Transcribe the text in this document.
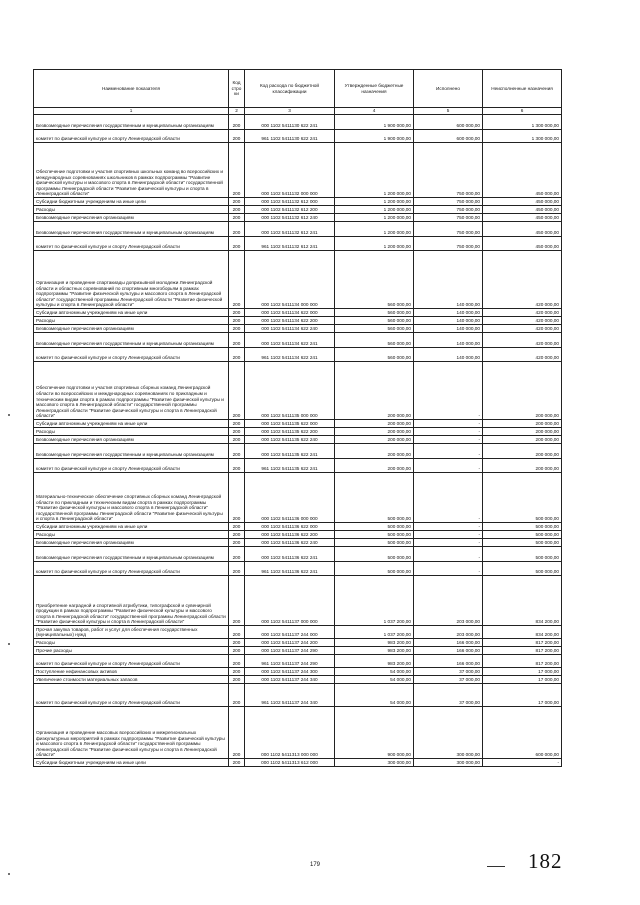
Наименование показателя	Код стро ки	Код расхода по бюджетной классификации	Утвержденные бюджетные назначения	Исполнено	Неисполненные назначения
1	2	3	4	5	6
Безвозмездные перечисления государственным и муниципальным организациям	200	000 1102 5411130 622 241	1 900 000,00	600 000,00	1 300 000,00
комитет по физической культуре и спорту Ленинградской области	200	961 1102 5411130 622 241	1 900 000,00	600 000,00	1 300 000,00
Обеспечение подготовки и участия спортивных школьных команд во всероссийских и международных соревнованиях школьников в рамках подпрограммы "Развитие физической культуры и массового спорта в Ленинградской области" государственной программы Ленинградской области "Развитие физической культуры и спорта в Ленинградской области"	200	000 1102 5411132 000 000	1 200 000,00	750 000,00	450 000,00
Субсидии бюджетным учреждениям на иные цели	200	000 1102 5411132 612 000	1 200 000,00	750 000,00	450 000,00
Расходы	200	000 1102 5411132 612 200	1 200 000,00	750 000,00	450 000,00
Безвозмездные перечисления организациям	200	000 1102 5411132 612 240	1 200 000,00	750 000,00	450 000,00
Безвозмездные перечисления государственным и муниципальным организациям	200	000 1102 5411132 612 241	1 200 000,00	750 000,00	450 000,00
комитет по физической культуре и спорту Ленинградской области	200	961 1102 5411132 612 241	1 200 000,00	750 000,00	450 000,00
Организация и проведение спартакиады допризывной молодежи Ленинградской области и областных соревнований по спортивным многоборьям в рамках подпрограммы "Развитие физической культуры и массового спорта в Ленинградской области" государственной программы Ленинградской области "Развитие физической культуры и спорта в Ленинградской области"	200	000 1102 5411134 000 000	560 000,00	140 000,00	420 000,00
Субсидии автономным учреждениям на иные цели	200	000 1102 5411134 622 000	560 000,00	140 000,00	420 000,00
Расходы	200	000 1102 5411134 622 200	560 000,00	140 000,00	420 000,00
Безвозмездные перечисления организациям	200	000 1102 5411134 622 240	560 000,00	140 000,00	420 000,00
Безвозмездные перечисления государственным и муниципальным организациям	200	000 1102 5411134 622 241	560 000,00	140 000,00	420 000,00
комитет по физической культуре и спорту Ленинградской области	200	961 1102 5411134 622 241	560 000,00	140 000,00	420 000,00
Обеспечение подготовки и участия спортивных сборных команд Ленинградской области во всероссийских и международных соревнованиях по прикладным и техническим видам спорта в рамках подпрограммы "Развитие физической культуры и массового спорта в Ленинградской области" государственной программы Ленинградской области "Развитие физической культуры и спорта в Ленинградской области"	200	000 1102 5411135 000 000	200 000,00	-	200 000,00
Субсидии автономным учреждениям на иные цели	200	000 1102 5411135 622 000	200 000,00	-	200 000,00
Расходы	200	000 1102 5411135 622 200	200 000,00	-	200 000,00
Безвозмездные перечисления организациям	200	000 1102 5411135 622 240	200 000,00	-	200 000,00
Безвозмездные перечисления государственным и муниципальным организациям	200	000 1102 5411135 622 241	200 000,00	-	200 000,00
комитет по физической культуре и спорту Ленинградской области	200	961 1102 5411135 622 241	200 000,00	-	200 000,00
Материально-техническое обеспечение спортивных сборных команд Ленинградской области по прикладным и техническим видам спорта в рамках подпрограммы "Развитие физической культуры и массового спорта в Ленинградской области" государственной программы Ленинградской области "Развитие физической культуры и спорта в Ленинградской области"	200	000 1102 5411136 000 000	500 000,00	-	500 000,00
Субсидии автономным учреждениям на иные цели	200	000 1102 5411136 622 000	500 000,00	-	500 000,00
Расходы	200	000 1102 5411136 622 200	500 000,00	-	500 000,00
Безвозмездные перечисления организациям	200	000 1102 5411136 622 240	500 000,00	-	500 000,00
Безвозмездные перечисления государственным и муниципальным организациям	200	000 1102 5411136 622 241	500 000,00	-	500 000,00
комитет по физической культуре и спорту Ленинградской области	200	961 1102 5411136 622 241	500 000,00	-	500 000,00
Приобретение наградной и спортивной атрибутики, типографской и сувенирной продукции в рамках подпрограммы "Развитие физической культуры и массового спорта в Ленинградской области" государственной программы Ленинградской области "Развитие физической культуры и спорта в Ленинградской области"	200	000 1102 5411137 000 000	1 037 200,00	203 000,00	834 200,00
Прочая закупка товаров, работ и услуг для обеспечения государственных (муниципальных) нужд	200	000 1102 5411137 244 000	1 037 200,00	203 000,00	834 200,00
Расходы	200	000 1102 5411137 244 200	983 200,00	166 000,00	817 200,00
Прочие расходы	200	000 1102 5411137 244 290	983 200,00	166 000,00	817 200,00
комитет по физической культуре и спорту Ленинградской области	200	961 1102 5411137 244 290	983 200,00	166 000,00	817 200,00
Поступление нефинансовых активов	200	000 1102 5411137 244 300	54 000,00	37 000,00	17 000,00
Увеличение стоимости материальных запасов	200	000 1102 5411137 244 340	54 000,00	37 000,00	17 000,00
комитет по физической культуре и спорту Ленинградской области	200	961 1102 5411137 244 340	54 000,00	37 000,00	17 000,00
Организация и проведение массовых всероссийских и межрегиональных физкультурных мероприятий в рамках подпрограммы "Развитие физической культуры и массового спорта в Ленинградской области" государственной программы Ленинградской области "Развитие физической культуры и спорта в Ленинградской области"	200	000 1102 5411313 000 000	900 000,00	300 000,00	600 000,00
Субсидии бюджетным учреждениям на иные цели	200	000 1102 5411313 612 000	300 000,00	300 000,00	-
179	182
